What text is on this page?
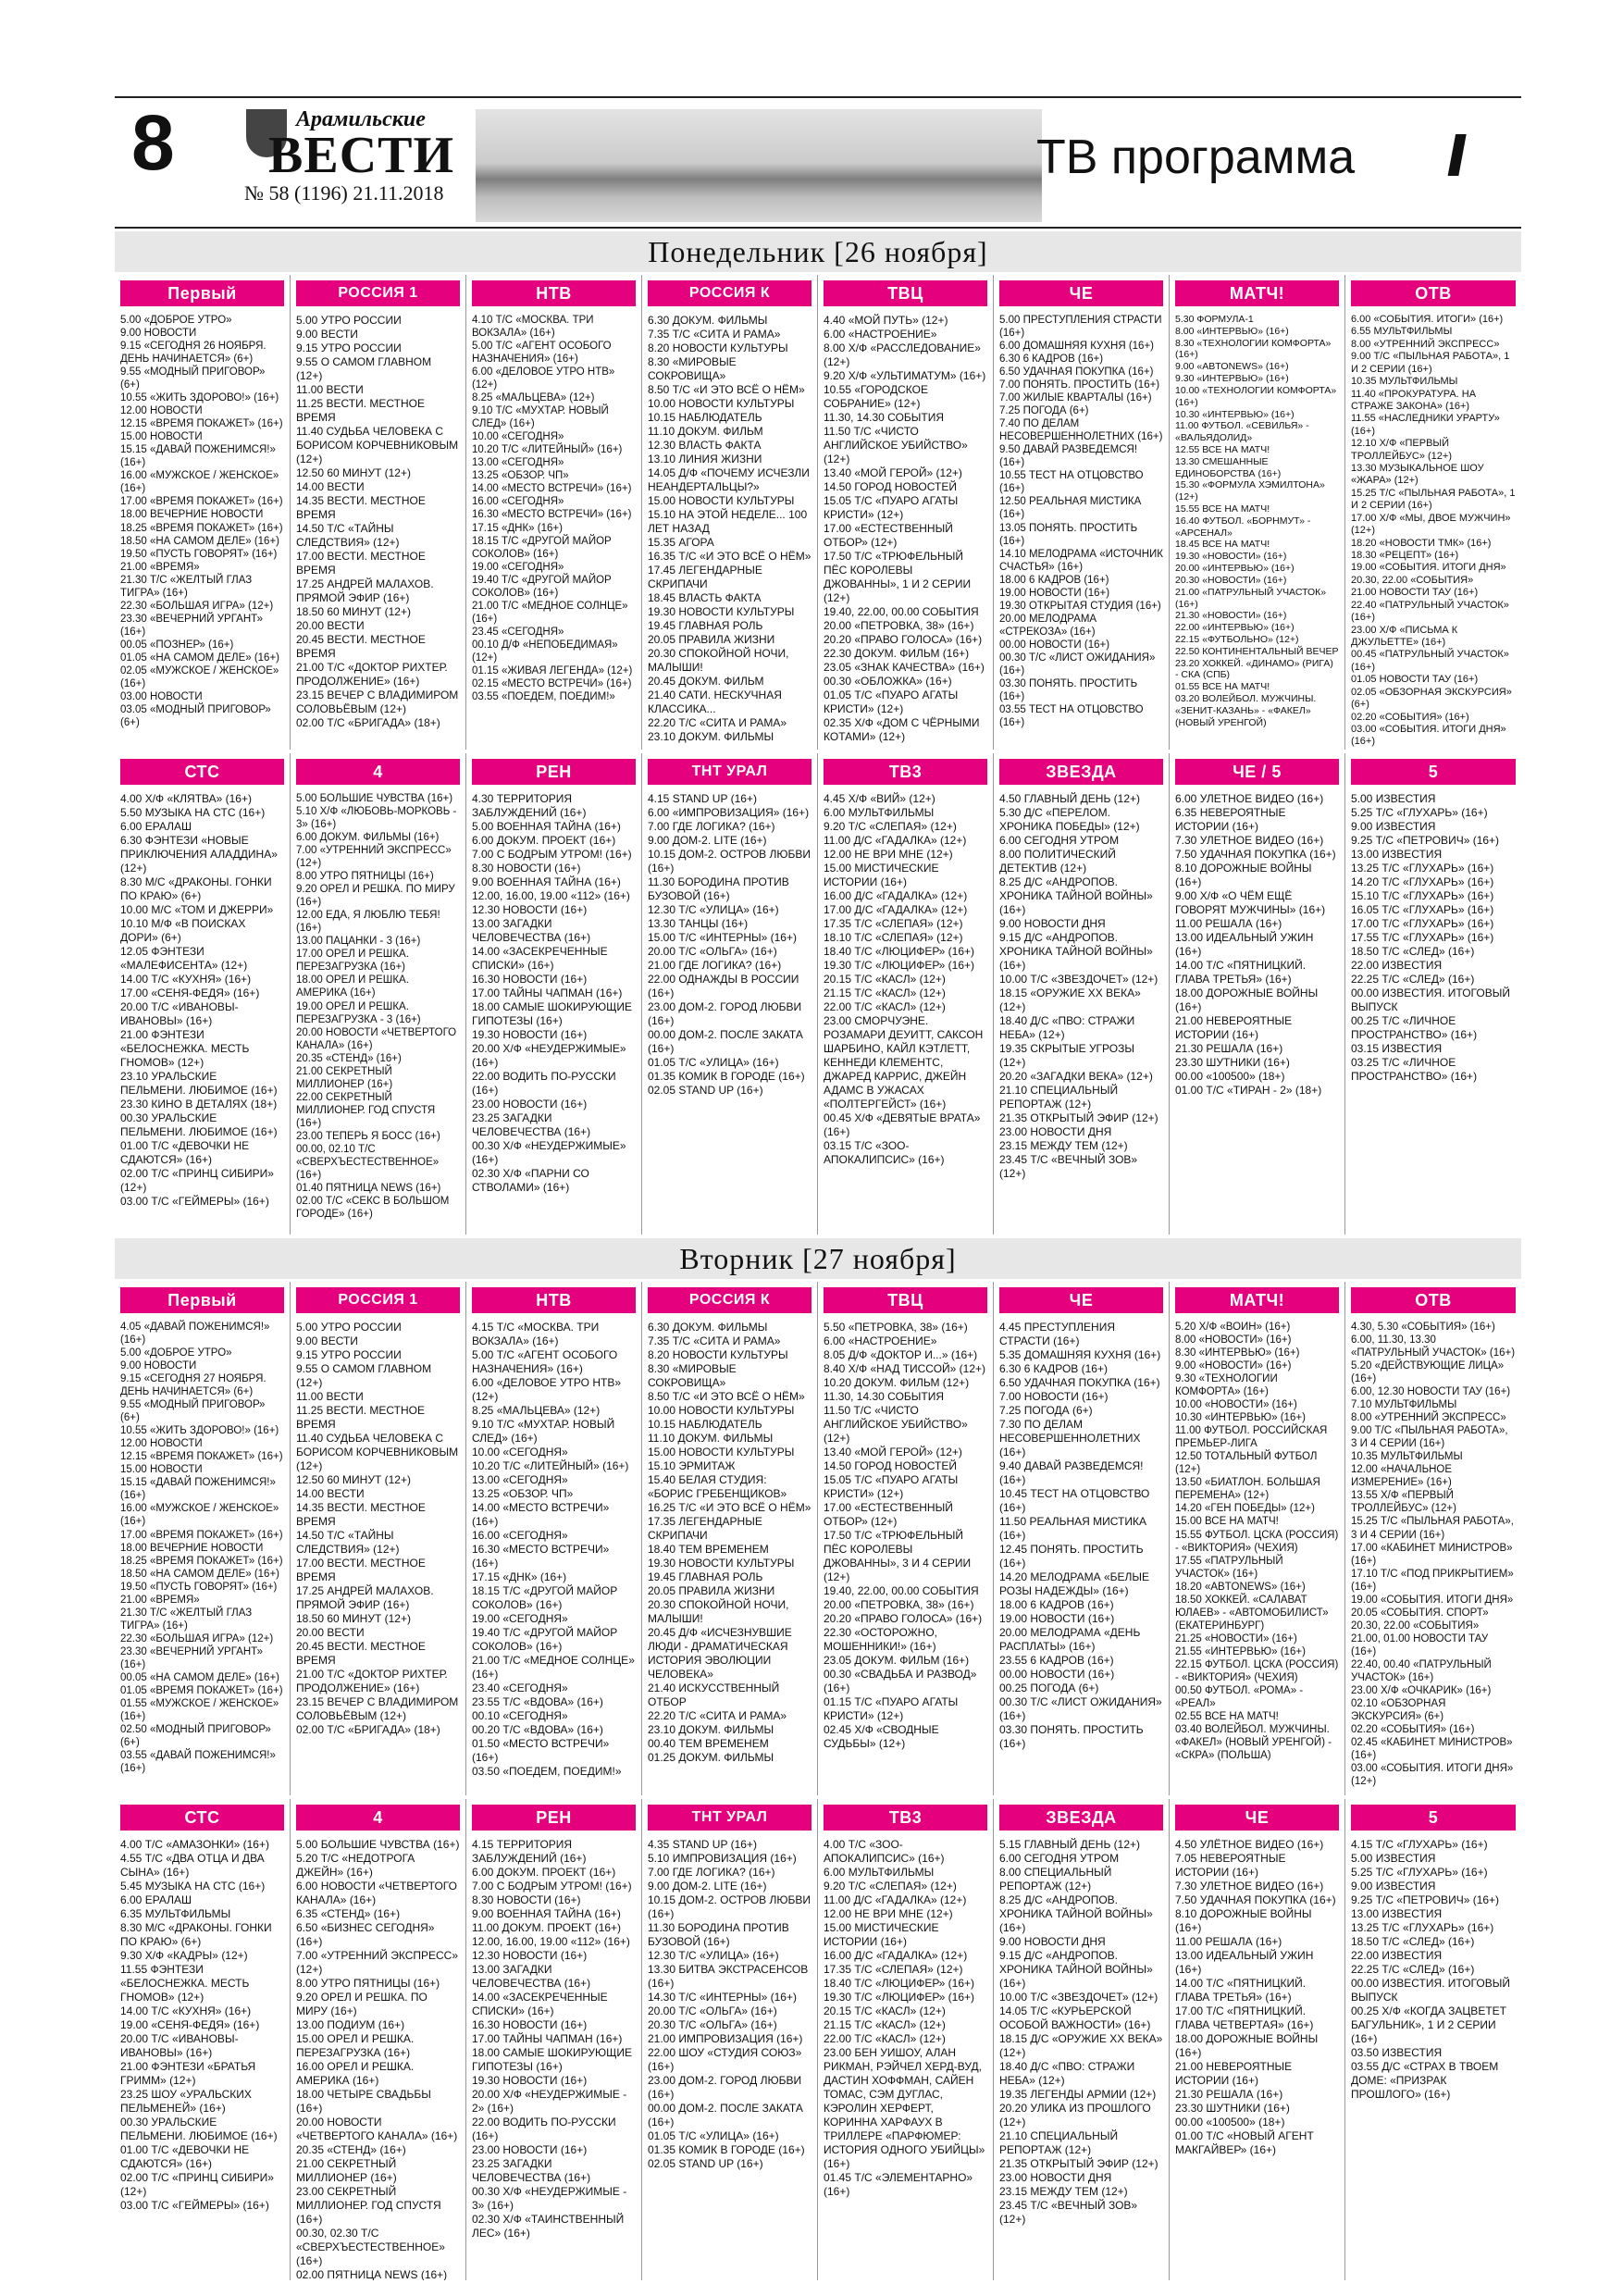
8	Арамильские
ВЕСТИ
№ 58 (1196) 21.11.2018
ТВ программа //
Понедельник [26 ноября]
Первый
5.00 «ДОБРОЕ УТРО»
9.00 НОВОСТИ
9.15 «СЕГОДНЯ 26 НОЯБРЯ. ДЕНЬ НАЧИНАЕТСЯ» (6+)
9.55 «МОДНЫЙ ПРИГОВОР» (6+)
10.55 «ЖИТЬ ЗДОРОВО!» (16+)
12.00 НОВОСТИ
12.15 «ВРЕМЯ ПОКАЖЕТ» (16+)
15.00 НОВОСТИ
15.15 «ДАВАЙ ПОЖЕНИМСЯ!» (16+)
16.00 «МУЖСКОЕ / ЖЕНСКОЕ» (16+)
17.00 «ВРЕМЯ ПОКАЖЕТ» (16+)
18.00 ВЕЧЕРНИЕ НОВОСТИ
18.25 «ВРЕМЯ ПОКАЖЕТ» (16+)
18.50 «НА САМОМ ДЕЛЕ» (16+)
19.50 «ПУСТЬ ГОВОРЯТ» (16+)
21.00 «ВРЕМЯ»
21.30 Т/С «ЖЕЛТЫЙ ГЛАЗ ТИГРА» (16+)
22.30 «БОЛЬШАЯ ИГРА» (12+)
23.30 «ВЕЧЕРНИЙ УРГАНТ» (16+)
00.05 «ПОЗНЕР» (16+)
01.05 «НА САМОМ ДЕЛЕ» (16+)
02.05 «МУЖСКОЕ / ЖЕНСКОЕ» (16+)
03.00 НОВОСТИ
03.05 «МОДНЫЙ ПРИГОВОР» (6+)
РОССИЯ 1
5.00 УТРО РОССИИ
9.00 ВЕСТИ
9.15 УТРО РОССИИ
9.55 О САМОМ ГЛАВНОМ (12+)
11.00 ВЕСТИ
11.25 ВЕСТИ. МЕСТНОЕ ВРЕМЯ
11.40 СУДЬБА ЧЕЛОВЕКА С БОРИСОМ КОРЧЕВНИКОВЫМ (12+)
12.50 60 МИНУТ (12+)
14.00 ВЕСТИ
14.35 ВЕСТИ. МЕСТНОЕ ВРЕМЯ
14.50 Т/С «ТАЙНЫ СЛЕДСТВИЯ» (12+)
17.00 ВЕСТИ. МЕСТНОЕ ВРЕМЯ
17.25 АНДРЕЙ МАЛАХОВ. ПРЯМОЙ ЭФИР (16+)
18.50 60 МИНУТ (12+)
20.00 ВЕСТИ
20.45 ВЕСТИ. МЕСТНОЕ ВРЕМЯ
21.00 Т/С «ДОКТОР РИХТЕР. ПРОДОЛЖЕНИЕ» (16+)
23.15 ВЕЧЕР С ВЛАДИМИРОМ СОЛОВЬЁВЫМ (12+)
02.00 Т/С «БРИГАДА» (18+)
НТВ
4.10 Т/С «МОСКВА. ТРИ ВОКЗАЛА» (16+)
5.00 Т/С «АГЕНТ ОСОБОГО НАЗНАЧЕНИЯ» (16+)
6.00 «ДЕЛОВОЕ УТРО НТВ» (12+)
8.25 «МАЛЬЦЕВА» (12+)
9.10 Т/С «МУХТАР. НОВЫЙ СЛЕД» (16+)
10.00 «СЕГОДНЯ»
10.20 Т/С «ЛИТЕЙНЫЙ» (16+)
13.00 «СЕГОДНЯ»
13.25 «ОБЗОР. ЧП»
14.00 «МЕСТО ВСТРЕЧИ» (16+)
16.00 «СЕГОДНЯ»
16.30 «МЕСТО ВСТРЕЧИ» (16+)
17.15 «ДНК» (16+)
18.15 Т/С «ДРУГОЙ МАЙОР СОКОЛОВ» (16+)
19.00 «СЕГОДНЯ»
19.40 Т/С «ДРУГОЙ МАЙОР СОКОЛОВ» (16+)
21.00 Т/С «МЕДНОЕ СОЛНЦЕ» (16+)
23.45 «СЕГОДНЯ»
00.10 Д/Ф «НЕПОБЕДИМАЯ» (12+)
01.15 «ЖИВАЯ ЛЕГЕНДА» (12+)
02.15 «МЕСТО ВСТРЕЧИ» (16+)
03.55 «ПОЕДЕМ, ПОЕДИМ!»
РОССИЯ К
6.30 ДОКУМ. ФИЛЬМЫ
7.35 Т/С «СИТА И РАМА»
8.20 НОВОСТИ КУЛЬТУРЫ
8.30 «МИРОВЫЕ СОКРОВИЩА»
8.50 Т/С «И ЭТО ВСЁ О НЁМ»
10.00 НОВОСТИ КУЛЬТУРЫ
10.15 НАБЛЮДАТЕЛЬ
11.10 ДОКУМ. ФИЛЬМ
12.30 ВЛАСТЬ ФАКТА
13.10 ЛИНИЯ ЖИЗНИ
14.05 Д/Ф «ПОЧЕМУ ИСЧЕЗЛИ НЕАНДЕРТАЛЬЦЫ?»
15.00 НОВОСТИ КУЛЬТУРЫ
15.10 НА ЭТОЙ НЕДЕЛЕ... 100 ЛЕТ НАЗАД
15.35 АГОРА
16.35 Т/С «И ЭТО ВСЁ О НЁМ»
17.45 ЛЕГЕНДАРНЫЕ СКРИПАЧИ
18.45 ВЛАСТЬ ФАКТА
19.30 НОВОСТИ КУЛЬТУРЫ
19.45 ГЛАВНАЯ РОЛЬ
20.05 ПРАВИЛА ЖИЗНИ
20.30 СПОКОЙНОЙ НОЧИ, МАЛЫШИ!
20.45 ДОКУМ. ФИЛЬМ
21.40 САТИ. НЕСКУЧНАЯ КЛАССИКА...
22.20 Т/С «СИТА И РАМА»
23.10 ДОКУМ. ФИЛЬМЫ
ТВЦ
4.40 «МОЙ ПУТЬ» (12+)
6.00 «НАСТРОЕНИЕ»
8.00 Х/Ф «РАССЛЕДОВАНИЕ» (12+)
9.20 Х/Ф «УЛЬТИМАТУМ» (16+)
10.55 «ГОРОДСКОЕ СОБРАНИЕ» (12+)
11.30, 14.30 СОБЫТИЯ
11.50 Т/С «ЧИСТО АНГЛИЙСКОЕ УБИЙСТВО» (12+)
13.40 «МОЙ ГЕРОЙ» (12+)
14.50 ГОРОД НОВОСТЕЙ
15.05 Т/С «ПУАРО АГАТЫ КРИСТИ» (12+)
17.00 «ЕСТЕСТВЕННЫЙ ОТБОР» (12+)
17.50 Т/С «ТРЮФЕЛЬНЫЙ ПЁС КОРОЛЕВЫ ДЖОВАННЫ», 1 И 2 СЕРИИ (12+)
19.40, 22.00, 00.00 СОБЫТИЯ
20.00 «ПЕТРОВКА, 38» (16+)
20.20 «ПРАВО ГОЛОСА» (16+)
22.30 ДОКУМ. ФИЛЬМ (16+)
23.05 «ЗНАК КАЧЕСТВА» (16+)
00.30 «ОБЛОЖКА» (16+)
01.05 Т/С «ПУАРО АГАТЫ КРИСТИ» (12+)
02.35 Х/Ф «ДОМ С ЧЁРНЫМИ КОТАМИ» (12+)
ЧЕ
5.00 ПРЕСТУПЛЕНИЯ СТРАСТИ (16+)
6.00 ДОМАШНЯЯ КУХНЯ (16+)
6.30 6 КАДРОВ (16+)
6.50 УДАЧНАЯ ПОКУПКА (16+)
7.00 ПОНЯТЬ. ПРОСТИТЬ (16+)
7.00 ЖИЛЫЕ КВАРТАЛЫ (16+)
7.25 ПОГОДА (6+)
7.40 ПО ДЕЛАМ НЕСОВЕРШЕННОЛЕТНИХ (16+)
9.50 ДАВАЙ РАЗВЕДЕМСЯ! (16+)
10.55 ТЕСТ НА ОТЦОВСТВО (16+)
12.50 РЕАЛЬНАЯ МИСТИКА (16+)
13.05 ПОНЯТЬ. ПРОСТИТЬ (16+)
14.10 МЕЛОДРАМА «ИСТОЧНИК СЧАСТЬЯ» (16+)
18.00 6 КАДРОВ (16+)
19.00 НОВОСТИ (16+)
19.30 ОТКРЫТАЯ СТУДИЯ (16+)
20.00 МЕЛОДРАМА «СТРЕКОЗА» (16+)
00.00 НОВОСТИ (16+)
00.30 Т/С «ЛИСТ ОЖИДАНИЯ» (16+)
03.30 ПОНЯТЬ. ПРОСТИТЬ (16+)
03.55 ТЕСТ НА ОТЦОВСТВО (16+)
МАТЧ!
5.30 ФОРМУЛА-1
8.00 «ИНТЕРВЬЮ» (16+)
8.30 «ТЕХНОЛОГИИ КОМФОРТА» (16+)
9.00 «ABTONEWS» (16+)
9.30 «ИНТЕРВЬЮ» (16+)
10.00 «ТЕХНОЛОГИИ КОМФОРТА» (16+)
10.30 «ИНТЕРВЬЮ» (16+)
11.00 ФУТБОЛ. «СЕВИЛЬЯ» - «ВАЛЬЯДОЛИД»
12.55 ВСЕ НА МАТЧ!
13.30 СМЕШАННЫЕ ЕДИНОБОРСТВА (16+)
15.30 «ФОРМУЛА ХЭМИЛТОНА» (12+)
15.55 ВСЕ НА МАТЧ!
16.40 ФУТБОЛ. «БОРНМУТ» - «АРСЕНАЛ»
18.45 ВСЕ НА МАТЧ!
19.30 «НОВОСТИ» (16+)
20.00 «ИНТЕРВЬЮ» (16+)
20.30 «НОВОСТИ» (16+)
21.00 «ПАТРУЛЬНЫЙ УЧАСТОК» (16+)
21.30 «НОВОСТИ» (16+)
22.00 «ИНТЕРВЬЮ» (16+)
22.15 «ФУТБОЛЬНО» (12+)
22.50 КОНТИНЕНТАЛЬНЫЙ ВЕЧЕР
23.20 ХОККЕЙ. «ДИНАМО» (РИГА) - СКА (СПБ)
01.55 ВСЕ НА МАТЧ!
03.20 ВОЛЕЙБОЛ. МУЖЧИНЫ. «ЗЕНИТ-КАЗАНЬ» - «ФАКЕЛ» (НОВЫЙ УРЕНГОЙ)
ОТВ
6.00 «СОБЫТИЯ. ИТОГИ» (16+)
6.55 МУЛЬТФИЛЬМЫ
8.00 «УТРЕННИЙ ЭКСПРЕСС»
9.00 Т/С «ПЫЛЬНАЯ РАБОТА», 1 И 2 СЕРИИ (16+)
10.35 МУЛЬТФИЛЬМЫ
11.40 «ПРОКУРАТУРА. НА СТРАЖЕ ЗАКОНА» (16+)
11.55 «НАСЛЕДНИКИ УРАРТУ» (16+)
12.10 Х/Ф «ПЕРВЫЙ ТРОЛЛЕЙБУС» (12+)
13.30 МУЗЫКАЛЬНОЕ ШОУ «ЖАРА» (12+)
15.25 Т/С «ПЫЛЬНАЯ РАБОТА», 1 И 2 СЕРИИ (16+)
17.00 Х/Ф «МЫ, ДВОЕ МУЖЧИН» (12+)
18.20 «НОВОСТИ ТМК» (16+)
18.30 «РЕЦЕПТ» (16+)
19.00 «СОБЫТИЯ. ИТОГИ ДНЯ»
20.30, 22.00 «СОБЫТИЯ»
21.00 НОВОСТИ ТАУ (16+)
22.40 «ПАТРУЛЬНЫЙ УЧАСТОК» (16+)
23.00 Х/Ф «ПИСЬМА К ДЖУЛЬЕТТЕ» (16+)
00.45 «ПАТРУЛЬНЫЙ УЧАСТОК» (16+)
01.05 НОВОСТИ ТАУ (16+)
02.05 «ОБЗОРНАЯ ЭКСКУРСИЯ» (6+)
02.20 «СОБЫТИЯ» (16+)
03.00 «СОБЫТИЯ. ИТОГИ ДНЯ» (16+)
СТС
4.00 Х/Ф «КЛЯТВА» (16+)
5.50 МУЗЫКА НА СТС (16+)
6.00 ЕРАЛАШ
6.30 ФЭНТЕЗИ «НОВЫЕ ПРИКЛЮЧЕНИЯ АЛАДДИНА» (12+)
8.30 М/С «ДРАКОНЫ. ГОНКИ ПО КРАЮ» (6+)
10.00 М/С «ТОМ И ДЖЕРРИ»
10.10 М/Ф «В ПОИСКАХ ДОРИ» (6+)
12.05 ФЭНТЕЗИ «МАЛЕФИСЕНТА» (12+)
14.00 Т/С «КУХНЯ» (16+)
17.00 «СЕНЯ-ФЕДЯ» (16+)
20.00 Т/С «ИВАНОВЫ-ИВАНОВЫ» (16+)
21.00 ФЭНТЕЗИ «БЕЛОСНЕЖКА. МЕСТЬ ГНОМОВ» (12+)
23.10 УРАЛЬСКИЕ ПЕЛЬМЕНИ. ЛЮБИМОЕ (16+)
23.30 КИНО В ДЕТАЛЯХ (18+)
00.30 УРАЛЬСКИЕ ПЕЛЬМЕНИ. ЛЮБИМОЕ (16+)
01.00 Т/С «ДЕВОЧКИ НЕ СДАЮТСЯ» (16+)
02.00 Т/С «ПРИНЦ СИБИРИ» (12+)
03.00 Т/С «ГЕЙМЕРЫ» (16+)
4
5.00 БОЛЬШИЕ ЧУВСТВА (16+)
5.10 Х/Ф «ЛЮБОВЬ-МОРКОВЬ - 3» (16+)
6.00 ДОКУМ. ФИЛЬМЫ (16+)
7.00 «УТРЕННИЙ ЭКСПРЕСС» (12+)
8.00 УТРО ПЯТНИЦЫ (16+)
9.20 ОРЕЛ И РЕШКА. ПО МИРУ (16+)
12.00 ЕДА, Я ЛЮБЛЮ ТЕБЯ! (16+)
13.00 ПАЦАНКИ - 3 (16+)
17.00 ОРЕЛ И РЕШКА. ПЕРЕЗАГРУЗКА (16+)
18.00 ОРЕЛ И РЕШКА. АМЕРИКА (16+)
19.00 ОРЕЛ И РЕШКА. ПЕРЕЗАГРУЗКА - 3 (16+)
20.00 НОВОСТИ «ЧЕТВЕРТОГО КАНАЛА» (16+)
20.35 «СТЕНД» (16+)
21.00 СЕКРЕТНЫЙ МИЛЛИОНЕР (16+)
22.00 СЕКРЕТНЫЙ МИЛЛИОНЕР. ГОД СПУСТЯ (16+)
23.00 ТЕПЕРЬ Я БОСС (16+)
00.00, 02.10 Т/С «СВЕРХЪЕСТЕСТВЕННОЕ» (16+)
01.40 ПЯТНИЦА NEWS (16+)
02.00 Т/С «СЕКС В БОЛЬШОМ ГОРОДЕ» (16+)
РЕН
4.30 ТЕРРИТОРИЯ ЗАБЛУЖДЕНИЙ (16+)
5.00 ВОЕННАЯ ТАЙНА (16+)
6.00 ДОКУМ. ПРОЕКТ (16+)
7.00 С БОДРЫМ УТРОМ! (16+)
8.30 НОВОСТИ (16+)
9.00 ВОЕННАЯ ТАЙНА (16+)
12.00, 16.00, 19.00 «112» (16+)
12.30 НОВОСТИ (16+)
13.00 ЗАГАДКИ ЧЕЛОВЕЧЕСТВА (16+)
14.00 «ЗАСЕКРЕЧЕННЫЕ СПИСКИ» (16+)
16.30 НОВОСТИ (16+)
17.00 ТАЙНЫ ЧАПМАН (16+)
18.00 САМЫЕ ШОКИРУЮЩИЕ ГИПОТЕЗЫ (16+)
19.30 НОВОСТИ (16+)
20.00 Х/Ф «НЕУДЕРЖИМЫЕ» (16+)
22.00 ВОДИТЬ ПО-РУССКИ (16+)
23.00 НОВОСТИ (16+)
23.25 ЗАГАДКИ ЧЕЛОВЕЧЕСТВА (16+)
00.30 Х/Ф «НЕУДЕРЖИМЫЕ» (16+)
02.30 Х/Ф «ПАРНИ СО СТВОЛАМИ» (16+)
ТНТ УРАЛ
4.15 STAND UP (16+)
6.00 «ИМПРОВИЗАЦИЯ» (16+)
7.00 ГДЕ ЛОГИКА? (16+)
9.00 ДОМ-2. LITE (16+)
10.15 ДОМ-2. ОСТРОВ ЛЮБВИ (16+)
11.30 БОРОДИНА ПРОТИВ БУЗОВОЙ (16+)
12.30 Т/С «УЛИЦА» (16+)
13.30 ТАНЦЫ (16+)
15.00 Т/С «ИНТЕРНЫ» (16+)
20.00 Т/С «ОЛЬГА» (16+)
21.00 ГДЕ ЛОГИКА? (16+)
22.00 ОДНАЖДЫ В РОССИИ (16+)
23.00 ДОМ-2. ГОРОД ЛЮБВИ (16+)
00.00 ДОМ-2. ПОСЛЕ ЗАКАТА (16+)
01.05 Т/С «УЛИЦА» (16+)
01.35 КОМИК В ГОРОДЕ (16+)
02.05 STAND UP (16+)
ТВ3
4.45 Х/Ф «ВИЙ» (12+)
6.00 МУЛЬТФИЛЬМЫ
9.20 Т/С «СЛЕПАЯ» (12+)
11.00 Д/С «ГАДАЛКА» (12+)
12.00 НЕ ВРИ МНЕ (12+)
15.00 МИСТИЧЕСКИЕ ИСТОРИИ (16+)
16.00 Д/С «ГАДАЛКА» (12+)
17.00 Д/С «ГАДАЛКА» (12+)
17.35 Т/С «СЛЕПАЯ» (12+)
18.10 Т/С «СЛЕПАЯ» (12+)
18.40 Т/С «ЛЮЦИФЕР» (16+)
19.30 Т/С «ЛЮЦИФЕР» (16+)
20.15 Т/С «КАСЛ» (12+)
21.15 Т/С «КАСЛ» (12+)
22.00 Т/С «КАСЛ» (12+)
23.00 СМОРЧУЭНЕ. РОЗАМАРИ ДЕУИТТ, САКСОН ШАРБИНО, КАЙЛ КЭТЛЕТТ, КЕННЕДИ КЛЕМЕНТС, ДЖАРЕД КАРРИС, ДЖЕЙН АДАМС В УЖАСАХ «ПОЛТЕРГЕЙСТ» (16+)
00.45 Х/Ф «ДЕВЯТЫЕ ВРАТА» (16+)
03.15 Т/С «ЗОО-АПОКАЛИПСИС» (16+)
ЗВЕЗДА
4.50 ГЛАВНЫЙ ДЕНЬ (12+)
5.30 Д/С «ПЕРЕЛОМ. ХРОНИКА ПОБЕДЫ» (12+)
6.00 СЕГОДНЯ УТРОМ
8.00 ПОЛИТИЧЕСКИЙ ДЕТЕКТИВ (12+)
8.25 Д/С «АНДРОПОВ. ХРОНИКА ТАЙНОЙ ВОЙНЫ» (16+)
9.00 НОВОСТИ ДНЯ
9.15 Д/С «АНДРОПОВ. ХРОНИКА ТАЙНОЙ ВОЙНЫ» (16+)
10.00 Т/С «ЗВЕЗДОЧЕТ» (12+)
18.15 «ОРУЖИЕ ХХ ВЕКА» (12+)
18.40 Д/С «ПВО: СТРАЖИ НЕБА» (12+)
19.35 СКРЫТЫЕ УГРОЗЫ (12+)
20.20 «ЗАГАДКИ ВЕКА» (12+)
21.10 СПЕЦИАЛЬНЫЙ РЕПОРТАЖ (12+)
21.35 ОТКРЫТЫЙ ЭФИР (12+)
23.00 НОВОСТИ ДНЯ
23.15 МЕЖДУ ТЕМ (12+)
23.45 Т/С «ВЕЧНЫЙ ЗОВ» (12+)
ЧЕ / 5
6.00 УЛЕТНОЕ ВИДЕО (16+)
6.35 НЕВЕРОЯТНЫЕ ИСТОРИИ (16+)
7.30 УЛЕТНОЕ ВИДЕО (16+)
7.50 УДАЧНАЯ ПОКУПКА (16+)
8.10 ДОРОЖНЫЕ ВОЙНЫ (16+)
9.00 Х/Ф «О ЧЁМ ЕЩЁ ГОВОРЯТ МУЖЧИНЫ» (16+)
11.00 РЕШАЛА (16+)
13.00 ИДЕАЛЬНЫЙ УЖИН (16+)
14.00 Т/С «ПЯТНИЦКИЙ. ГЛАВА ТРЕТЬЯ» (16+)
18.00 ДОРОЖНЫЕ ВОЙНЫ (16+)
21.00 НЕВЕРОЯТНЫЕ ИСТОРИИ (16+)
21.30 РЕШАЛА (16+)
23.30 ШУТНИКИ (16+)
00.00 «100500» (18+)
01.00 Т/С «ТИРАН - 2» (18+)
5
5.00 ИЗВЕСТИЯ
5.25 Т/С «ГЛУХАРЬ» (16+)
9.00 ИЗВЕСТИЯ
9.25 Т/С «ПЕТРОВИЧ» (16+)
13.00 ИЗВЕСТИЯ
13.25 Т/С «ГЛУХАРЬ» (16+)
14.20 Т/С «ГЛУХАРЬ» (16+)
15.10 Т/С «ГЛУХАРЬ» (16+)
16.05 Т/С «ГЛУХАРЬ» (16+)
17.00 Т/С «ГЛУХАРЬ» (16+)
17.55 Т/С «ГЛУХАРЬ» (16+)
18.50 Т/С «СЛЕД» (16+)
22.00 ИЗВЕСТИЯ
22.25 Т/С «СЛЕД» (16+)
00.00 ИЗВЕСТИЯ. ИТОГОВЫЙ ВЫПУСК
00.25 Т/С «ЛИЧНОЕ ПРОСТРАНСТВО» (16+)
03.15 ИЗВЕСТИЯ
03.25 Т/С «ЛИЧНОЕ ПРОСТРАНСТВО» (16+)
Вторник [27 ноября]
Первый
4.05 «ДАВАЙ ПОЖЕНИМСЯ!» (16+)
5.00 «ДОБРОЕ УТРО»
9.00 НОВОСТИ
9.15 «СЕГОДНЯ 27 НОЯБРЯ. ДЕНЬ НАЧИНАЕТСЯ» (6+)
9.55 «МОДНЫЙ ПРИГОВОР» (6+)
10.55 «ЖИТЬ ЗДОРОВО!» (16+)
12.00 НОВОСТИ
12.15 «ВРЕМЯ ПОКАЖЕТ» (16+)
15.00 НОВОСТИ
15.15 «ДАВАЙ ПОЖЕНИМСЯ!» (16+)
16.00 «МУЖСКОЕ / ЖЕНСКОЕ» (16+)
17.00 «ВРЕМЯ ПОКАЖЕТ» (16+)
18.00 ВЕЧЕРНИЕ НОВОСТИ
18.25 «ВРЕМЯ ПОКАЖЕТ» (16+)
18.50 «НА САМОМ ДЕЛЕ» (16+)
19.50 «ПУСТЬ ГОВОРЯТ» (16+)
21.00 «ВРЕМЯ»
21.30 Т/С «ЖЕЛТЫЙ ГЛАЗ ТИГРА» (16+)
22.30 «БОЛЬШАЯ ИГРА» (12+)
23.30 «ВЕЧЕРНИЙ УРГАНТ» (16+)
00.05 «НА САМОМ ДЕЛЕ» (16+)
01.05 «ВРЕМЯ ПОКАЖЕТ» (16+)
01.55 «МУЖСКОЕ / ЖЕНСКОЕ» (16+)
02.50 «МОДНЫЙ ПРИГОВОР» (6+)
03.55 «ДАВАЙ ПОЖЕНИМСЯ!» (16+)
РОССИЯ 1
5.00 УТРО РОССИИ
9.00 ВЕСТИ
9.15 УТРО РОССИИ
9.55 О САМОМ ГЛАВНОМ (12+)
11.00 ВЕСТИ
11.25 ВЕСТИ. МЕСТНОЕ ВРЕМЯ
11.40 СУДЬБА ЧЕЛОВЕКА С БОРИСОМ КОРЧЕВНИКОВЫМ (12+)
12.50 60 МИНУТ (12+)
14.00 ВЕСТИ
14.35 ВЕСТИ. МЕСТНОЕ ВРЕМЯ
14.50 Т/С «ТАЙНЫ СЛЕДСТВИЯ» (12+)
17.00 ВЕСТИ. МЕСТНОЕ ВРЕМЯ
17.25 АНДРЕЙ МАЛАХОВ. ПРЯМОЙ ЭФИР (16+)
18.50 60 МИНУТ (12+)
20.00 ВЕСТИ
20.45 ВЕСТИ. МЕСТНОЕ ВРЕМЯ
21.00 Т/С «ДОКТОР РИХТЕР. ПРОДОЛЖЕНИЕ» (16+)
23.15 ВЕЧЕР С ВЛАДИМИРОМ СОЛОВЬЁВЫМ (12+)
02.00 Т/С «БРИГАДА» (18+)
НТВ
4.15 Т/С «МОСКВА. ТРИ ВОКЗАЛА» (16+)
5.00 Т/С «АГЕНТ ОСОБОГО НАЗНАЧЕНИЯ» (16+)
6.00 «ДЕЛОВОЕ УТРО НТВ» (12+)
8.25 «МАЛЬЦЕВА» (12+)
9.10 Т/С «МУХТАР. НОВЫЙ СЛЕД» (16+)
10.00 «СЕГОДНЯ»
10.20 Т/С «ЛИТЕЙНЫЙ» (16+)
13.00 «СЕГОДНЯ»
13.25 «ОБЗОР. ЧП»
14.00 «МЕСТО ВСТРЕЧИ» (16+)
16.00 «СЕГОДНЯ»
16.30 «МЕСТО ВСТРЕЧИ» (16+)
17.15 «ДНК» (16+)
18.15 Т/С «ДРУГОЙ МАЙОР СОКОЛОВ» (16+)
19.00 «СЕГОДНЯ»
19.40 Т/С «ДРУГОЙ МАЙОР СОКОЛОВ» (16+)
21.00 Т/С «МЕДНОЕ СОЛНЦЕ» (16+)
23.40 «СЕГОДНЯ»
23.55 Т/С «ВДОВА» (16+)
00.10 «СЕГОДНЯ»
00.20 Т/С «ВДОВА» (16+)
01.50 «МЕСТО ВСТРЕЧИ» (16+)
03.50 «ПОЕДЕМ, ПОЕДИМ!»
РОССИЯ К
6.30 ДОКУМ. ФИЛЬМЫ
7.35 Т/С «СИТА И РАМА»
8.20 НОВОСТИ КУЛЬТУРЫ
8.30 «МИРОВЫЕ СОКРОВИЩА»
8.50 Т/С «И ЭТО ВСЁ О НЁМ»
10.00 НОВОСТИ КУЛЬТУРЫ
10.15 НАБЛЮДАТЕЛЬ
11.10 ДОКУМ. ФИЛЬМЫ
15.00 НОВОСТИ КУЛЬТУРЫ
15.10 ЭРМИТАЖ
15.40 БЕЛАЯ СТУДИЯ: «БОРИС ГРЕБЕНЩИКОВ»
16.25 Т/С «И ЭТО ВСЁ О НЁМ»
17.35 ЛЕГЕНДАРНЫЕ СКРИПАЧИ
18.40 ТЕМ ВРЕМЕНЕМ
19.30 НОВОСТИ КУЛЬТУРЫ
19.45 ГЛАВНАЯ РОЛЬ
20.05 ПРАВИЛА ЖИЗНИ
20.30 СПОКОЙНОЙ НОЧИ, МАЛЫШИ!
20.45 Д/Ф «ИСЧЕЗНУВШИЕ ЛЮДИ - ДРАМАТИЧЕСКАЯ ИСТОРИЯ ЭВОЛЮЦИИ ЧЕЛОВЕКА»
21.40 ИСКУССТВЕННЫЙ ОТБОР
22.20 Т/С «СИТА И РАМА»
23.10 ДОКУМ. ФИЛЬМЫ
00.40 ТЕМ ВРЕМЕНЕМ
01.25 ДОКУМ. ФИЛЬМЫ
ТВЦ
5.50 «ПЕТРОВКА, 38» (16+)
6.00 «НАСТРОЕНИЕ»
8.05 Д/Ф «ДОКТОР И...» (16+)
8.40 Х/Ф «НАД ТИССОЙ» (12+)
10.20 ДОКУМ. ФИЛЬМ (12+)
11.30, 14.30 СОБЫТИЯ
11.50 Т/С «ЧИСТО АНГЛИЙСКОЕ УБИЙСТВО» (12+)
13.40 «МОЙ ГЕРОЙ» (12+)
14.50 ГОРОД НОВОСТЕЙ
15.05 Т/С «ПУАРО АГАТЫ КРИСТИ» (12+)
17.00 «ЕСТЕСТВЕННЫЙ ОТБОР» (12+)
17.50 Т/С «ТРЮФЕЛЬНЫЙ ПЁС КОРОЛЕВЫ ДЖОВАННЫ», 3 И 4 СЕРИИ (12+)
19.40, 22.00, 00.00 СОБЫТИЯ
20.00 «ПЕТРОВКА, 38» (16+)
20.20 «ПРАВО ГОЛОСА» (16+)
22.30 «ОСТОРОЖНО, МОШЕННИКИ!» (16+)
23.05 ДОКУМ. ФИЛЬМ (16+)
00.30 «СВАДЬБА И РАЗВОД» (16+)
01.15 Т/С «ПУАРО АГАТЫ КРИСТИ» (12+)
02.45 Х/Ф «СВОДНЫЕ СУДЬБЫ» (12+)
ЧЕ
4.45 ПРЕСТУПЛЕНИЯ СТРАСТИ (16+)
5.35 ДОМАШНЯЯ КУХНЯ (16+)
6.30 6 КАДРОВ (16+)
6.50 УДАЧНАЯ ПОКУПКА (16+)
7.00 НОВОСТИ (16+)
7.25 ПОГОДА (6+)
7.30 ПО ДЕЛАМ НЕСОВЕРШЕННОЛЕТНИХ (16+)
9.40 ДАВАЙ РАЗВЕДЕМСЯ! (16+)
10.45 ТЕСТ НА ОТЦОВСТВО (16+)
11.50 РЕАЛЬНАЯ МИСТИКА (16+)
12.45 ПОНЯТЬ. ПРОСТИТЬ (16+)
14.20 МЕЛОДРАМА «БЕЛЫЕ РОЗЫ НАДЕЖДЫ» (16+)
18.00 6 КАДРОВ (16+)
19.00 НОВОСТИ (16+)
20.00 МЕЛОДРАМА «ДЕНЬ РАСПЛАТЫ» (16+)
23.55 6 КАДРОВ (16+)
00.00 НОВОСТИ (16+)
00.25 ПОГОДА (6+)
00.30 Т/С «ЛИСТ ОЖИДАНИЯ» (16+)
03.30 ПОНЯТЬ. ПРОСТИТЬ (16+)
МАТЧ!
5.20 Х/Ф «ВОИН» (16+)
8.00 «НОВОСТИ» (16+)
8.30 «ИНТЕРВЬЮ» (16+)
9.00 «НОВОСТИ» (16+)
9.30 «ТЕХНОЛОГИИ КОМФОРТА» (16+)
10.00 «НОВОСТИ» (16+)
10.30 «ИНТЕРВЬЮ» (16+)
11.00 ФУТБОЛ. РОССИЙСКАЯ ПРЕМЬЕР-ЛИГА
12.50 ТОТАЛЬНЫЙ ФУТБОЛ (12+)
13.50 «БИАТЛОН. БОЛЬШАЯ ПЕРЕМЕНА» (12+)
14.20 «ГЕН ПОБЕДЫ» (12+)
15.00 ВСЕ НА МАТЧ!
15.55 ФУТБОЛ. ЦСКА (РОССИЯ) - «ВИКТОРИЯ» (ЧЕХИЯ)
17.55 «ПАТРУЛЬНЫЙ УЧАСТОК» (16+)
18.20 «ABTONEWS» (16+)
18.50 ХОККЕЙ. «САЛАВАТ ЮЛАЕВ» - «АВТОМОБИЛИСТ» (ЕКАТЕРИНБУРГ)
21.25 «НОВОСТИ» (16+)
21.55 «ИНТЕРВЬЮ» (16+)
22.15 ФУТБОЛ. ЦСКА (РОССИЯ) - «ВИКТОРИЯ» (ЧЕХИЯ)
00.50 ФУТБОЛ. «РОМА» - «РЕАЛ»
02.55 ВСЕ НА МАТЧ!
03.40 ВОЛЕЙБОЛ. МУЖЧИНЫ. «ФАКЕЛ» (НОВЫЙ УРЕНГОЙ) - «СКРА» (ПОЛЬША)
ОТВ
4.30, 5.30 «СОБЫТИЯ» (16+)
6.00, 11.30, 13.30 «ПАТРУЛЬНЫЙ УЧАСТОК» (16+)
5.20 «ДЕЙСТВУЮЩИЕ ЛИЦА» (16+)
6.00, 12.30 НОВОСТИ ТАУ (16+)
7.10 МУЛЬТФИЛЬМЫ
8.00 «УТРЕННИЙ ЭКСПРЕСС»
9.00 Т/С «ПЫЛЬНАЯ РАБОТА», 3 И 4 СЕРИИ (16+)
10.35 МУЛЬТФИЛЬМЫ
12.00 «НАЧАЛЬНОЕ ИЗМЕРЕНИЕ» (16+)
13.55 Х/Ф «ПЕРВЫЙ ТРОЛЛЕЙБУС» (12+)
15.25 Т/С «ПЫЛЬНАЯ РАБОТА», 3 И 4 СЕРИИ (16+)
17.00 «КАБИНЕТ МИНИСТРОВ» (16+)
17.10 Т/С «ПОД ПРИКРЫТИЕМ» (16+)
19.00 «СОБЫТИЯ. ИТОГИ ДНЯ»
20.05 «СОБЫТИЯ. СПОРТ»
20.30, 22.00 «СОБЫТИЯ»
21.00, 01.00 НОВОСТИ ТАУ (16+)
22.40, 00.40 «ПАТРУЛЬНЫЙ УЧАСТОК» (16+)
23.00 Х/Ф «ОЧКАРИК» (16+)
02.10 «ОБЗОРНАЯ ЭКСКУРСИЯ» (6+)
02.20 «СОБЫТИЯ» (16+)
02.45 «КАБИНЕТ МИНИСТРОВ» (16+)
03.00 «СОБЫТИЯ. ИТОГИ ДНЯ» (12+)
СТС
4.00 Т/С «АМАЗОНКИ» (16+)
4.55 Т/С «ДВА ОТЦА И ДВА СЫНА» (16+)
5.45 МУЗЫКА НА СТС (16+)
6.00 ЕРАЛАШ
6.35 МУЛЬТФИЛЬМЫ
8.30 М/С «ДРАКОНЫ. ГОНКИ ПО КРАЮ» (6+)
9.30 Х/Ф «КАДРЫ» (12+)
11.55 ФЭНТЕЗИ «БЕЛОСНЕЖКА. МЕСТЬ ГНОМОВ» (12+)
14.00 Т/С «КУХНЯ» (16+)
19.00 «СЕНЯ-ФЕДЯ» (16+)
20.00 Т/С «ИВАНОВЫ-ИВАНОВЫ» (16+)
21.00 ФЭНТЕЗИ «БРАТЬЯ ГРИММ» (12+)
23.25 ШОУ «УРАЛЬСКИХ ПЕЛЬМЕНЕЙ» (16+)
00.30 УРАЛЬСКИЕ ПЕЛЬМЕНИ. ЛЮБИМОЕ (16+)
01.00 Т/С «ДЕВОЧКИ НЕ СДАЮТСЯ» (16+)
02.00 Т/С «ПРИНЦ СИБИРИ» (12+)
03.00 Т/С «ГЕЙМЕРЫ» (16+)
4
5.00 БОЛЬШИЕ ЧУВСТВА (16+)
5.20 Т/С «НЕДОТРОГА ДЖЕЙН» (16+)
6.00 НОВОСТИ «ЧЕТВЕРТОГО КАНАЛА» (16+)
6.35 «СТЕНД» (16+)
6.50 «БИЗНЕС СЕГОДНЯ» (16+)
7.00 «УТРЕННИЙ ЭКСПРЕСС» (12+)
8.00 УТРО ПЯТНИЦЫ (16+)
9.20 ОРЕЛ И РЕШКА. ПО МИРУ (16+)
13.00 ПОДИУМ (16+)
15.00 ОРЕЛ И РЕШКА. ПЕРЕЗАГРУЗКА (16+)
16.00 ОРЕЛ И РЕШКА. АМЕРИКА (16+)
18.00 ЧЕТЫРЕ СВАДЬБЫ (16+)
20.00 НОВОСТИ «ЧЕТВЕРТОГО КАНАЛА» (16+)
20.35 «СТЕНД» (16+)
21.00 СЕКРЕТНЫЙ МИЛЛИОНЕР (16+)
23.00 СЕКРЕТНЫЙ МИЛЛИОНЕР. ГОД СПУСТЯ (16+)
00.30, 02.30 Т/С «СВЕРХЪЕСТЕСТВЕННОЕ» (16+)
02.00 ПЯТНИЦА NEWS (16+)
РЕН
4.15 ТЕРРИТОРИЯ ЗАБЛУЖДЕНИЙ (16+)
6.00 ДОКУМ. ПРОЕКТ (16+)
7.00 С БОДРЫМ УТРОМ! (16+)
8.30 НОВОСТИ (16+)
9.00 ВОЕННАЯ ТАЙНА (16+)
11.00 ДОКУМ. ПРОЕКТ (16+)
12.00, 16.00, 19.00 «112» (16+)
12.30 НОВОСТИ (16+)
13.00 ЗАГАДКИ ЧЕЛОВЕЧЕСТВА (16+)
14.00 «ЗАСЕКРЕЧЕННЫЕ СПИСКИ» (16+)
16.30 НОВОСТИ (16+)
17.00 ТАЙНЫ ЧАПМАН (16+)
18.00 САМЫЕ ШОКИРУЮЩИЕ ГИПОТЕЗЫ (16+)
19.30 НОВОСТИ (16+)
20.00 Х/Ф «НЕУДЕРЖИМЫЕ - 2» (16+)
22.00 ВОДИТЬ ПО-РУССКИ (16+)
23.00 НОВОСТИ (16+)
23.25 ЗАГАДКИ ЧЕЛОВЕЧЕСТВА (16+)
00.30 Х/Ф «НЕУДЕРЖИМЫЕ - 3» (16+)
02.30 Х/Ф «ТАИНСТВЕННЫЙ ЛЕС» (16+)
ТНТ УРАЛ
4.35 STAND UP (16+)
5.10 ИМПРОВИЗАЦИЯ (16+)
7.00 ГДЕ ЛОГИКА? (16+)
9.00 ДОМ-2. LITE (16+)
10.15 ДОМ-2. ОСТРОВ ЛЮБВИ (16+)
11.30 БОРОДИНА ПРОТИВ БУЗОВОЙ (16+)
12.30 Т/С «УЛИЦА» (16+)
13.30 БИТВА ЭКСТРАСЕНСОВ (16+)
14.30 Т/С «ИНТЕРНЫ» (16+)
20.00 Т/С «ОЛЬГА» (16+)
20.30 Т/С «ОЛЬГА» (16+)
21.00 ИМПРОВИЗАЦИЯ (16+)
22.00 ШОУ «СТУДИЯ СОЮЗ» (16+)
23.00 ДОМ-2. ГОРОД ЛЮБВИ (16+)
00.00 ДОМ-2. ПОСЛЕ ЗАКАТА (16+)
01.05 Т/С «УЛИЦА» (16+)
01.35 КОМИК В ГОРОДЕ (16+)
02.05 STAND UP (16+)
ТВ3
4.00 Т/С «ЗОО-АПОКАЛИПСИС» (16+)
6.00 МУЛЬТФИЛЬМЫ
9.20 Т/С «СЛЕПАЯ» (12+)
11.00 Д/С «ГАДАЛКА» (12+)
12.00 НЕ ВРИ МНЕ (12+)
15.00 МИСТИЧЕСКИЕ ИСТОРИИ (16+)
16.00 Д/С «ГАДАЛКА» (12+)
17.35 Т/С «СЛЕПАЯ» (12+)
18.40 Т/С «ЛЮЦИФЕР» (16+)
19.30 Т/С «ЛЮЦИФЕР» (16+)
20.15 Т/С «КАСЛ» (12+)
21.15 Т/С «КАСЛ» (12+)
22.00 Т/С «КАСЛ» (12+)
23.00 БЕН УИШОУ, АЛАН РИКМАН, РЭЙЧЕЛ ХЕРД-ВУД, ДАСТИН ХОФФМАН, САЙЕН ТОМАС, СЭМ ДУГЛАС, КЭРОЛИН ХЕРФЕРТ, КОРИННА ХАРФАУХ В ТРИЛЛЕРЕ «ПАРФЮМЕР: ИСТОРИЯ ОДНОГО УБИЙЦЫ» (16+)
01.45 Т/С «ЭЛЕМЕНТАРНО» (16+)
ЗВЕЗДА
5.15 ГЛАВНЫЙ ДЕНЬ (12+)
6.00 СЕГОДНЯ УТРОМ
8.00 СПЕЦИАЛЬНЫЙ РЕПОРТАЖ (12+)
8.25 Д/С «АНДРОПОВ. ХРОНИКА ТАЙНОЙ ВОЙНЫ» (16+)
9.00 НОВОСТИ ДНЯ
9.15 Д/С «АНДРОПОВ. ХРОНИКА ТАЙНОЙ ВОЙНЫ» (16+)
10.00 Т/С «ЗВЕЗДОЧЕТ» (12+)
14.05 Т/С «КУРЬЕРСКОЙ ОСОБОЙ ВАЖНОСТИ» (16+)
18.15 Д/С «ОРУЖИЕ ХХ ВЕКА» (12+)
18.40 Д/С «ПВО: СТРАЖИ НЕБА» (12+)
19.35 ЛЕГЕНДЫ АРМИИ (12+)
20.20 УЛИКА ИЗ ПРОШЛОГО (12+)
21.10 СПЕЦИАЛЬНЫЙ РЕПОРТАЖ (12+)
21.35 ОТКРЫТЫЙ ЭФИР (12+)
23.00 НОВОСТИ ДНЯ
23.15 МЕЖДУ ТЕМ (12+)
23.45 Т/С «ВЕЧНЫЙ ЗОВ» (12+)
ЧЕ
4.50 УЛЁТНОЕ ВИДЕО (16+)
7.05 НЕВЕРОЯТНЫЕ ИСТОРИИ (16+)
7.30 УЛЕТНОЕ ВИДЕО (16+)
7.50 УДАЧНАЯ ПОКУПКА (16+)
8.10 ДОРОЖНЫЕ ВОЙНЫ (16+)
11.00 РЕШАЛА (16+)
13.00 ИДЕАЛЬНЫЙ УЖИН (16+)
14.00 Т/С «ПЯТНИЦКИЙ. ГЛАВА ТРЕТЬЯ» (16+)
17.00 Т/С «ПЯТНИЦКИЙ. ГЛАВА ЧЕТВЕРТАЯ» (16+)
18.00 ДОРОЖНЫЕ ВОЙНЫ (16+)
21.00 НЕВЕРОЯТНЫЕ ИСТОРИИ (16+)
21.30 РЕШАЛА (16+)
23.30 ШУТНИКИ (16+)
00.00 «100500» (18+)
01.00 Т/С «НОВЫЙ АГЕНТ МАКГАЙВЕР» (16+)
5
4.15 Т/С «ГЛУХАРЬ» (16+)
5.00 ИЗВЕСТИЯ
5.25 Т/С «ГЛУХАРЬ» (16+)
9.00 ИЗВЕСТИЯ
9.25 Т/С «ПЕТРОВИЧ» (16+)
13.00 ИЗВЕСТИЯ
13.25 Т/С «ГЛУХАРЬ» (16+)
18.50 Т/С «СЛЕД» (16+)
22.00 ИЗВЕСТИЯ
22.25 Т/С «СЛЕД» (16+)
00.00 ИЗВЕСТИЯ. ИТОГОВЫЙ ВЫПУСК
00.25 Х/Ф «КОГДА ЗАЦВЕТЕТ БАГУЛЬНИК», 1 И 2 СЕРИИ (16+)
03.50 ИЗВЕСТИЯ
03.55 Д/С «СТРАХ В ТВОЕМ ДОМЕ: «ПРИЗРАК ПРОШЛОГО» (16+)
